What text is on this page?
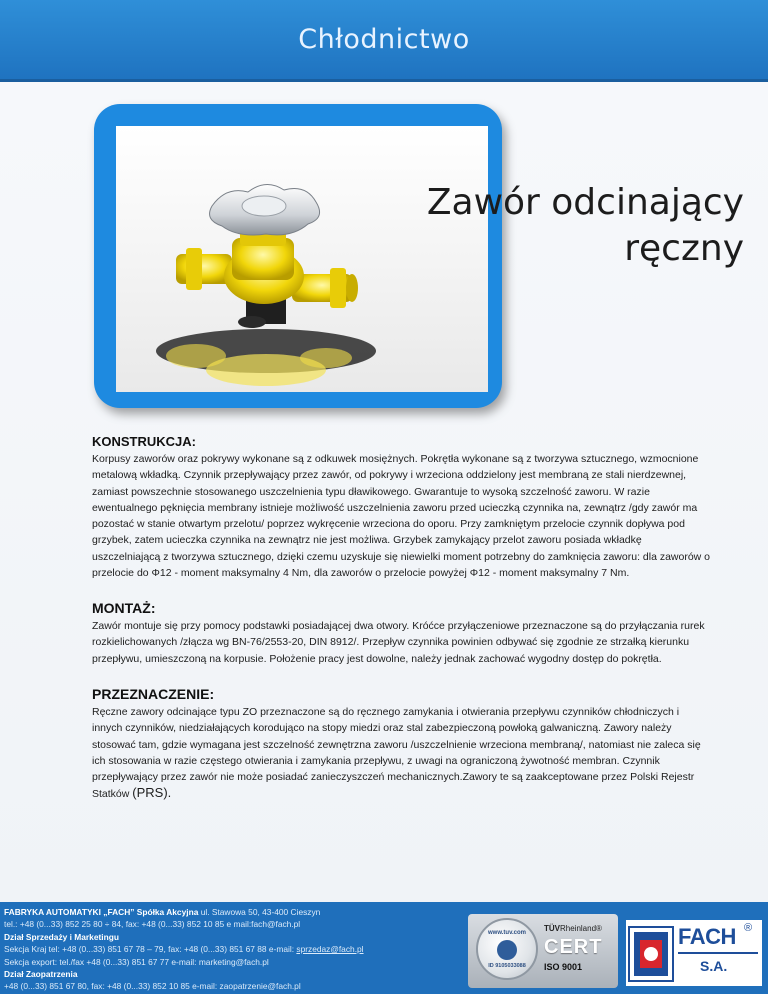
Chłodnictwo
Zawór odcinający
ręczny
KONSTRUKCJA:
Korpusy zaworów oraz pokrywy wykonane są z odkuwek mosiężnych. Pokrętła wykonane są z tworzywa sztucznego, wzmocnione metalową wkładką. Czynnik przepływający przez zawór, od pokrywy i wrzeciona oddzielony jest membraną ze stali nierdzewnej, zamiast powszechnie stosowanego uszczelnienia typu dławikowego. Gwarantuje to wysoką szczelność zaworu. W razie ewentualnego pęknięcia membrany istnieje możliwość uszczelnienia zaworu przed ucieczką czynnika na, zewnątrz /gdy zawór ma pozostać w stanie otwartym przelotu/ poprzez wykręcenie wrzeciona do oporu. Przy zamkniętym przelocie czynnik dopływa pod grzybek, zatem ucieczka czynnika na zewnątrz nie jest możliwa. Grzybek zamykający przelot zaworu posiada wkładkę uszczelniającą z tworzywa sztucznego, dzięki czemu uzyskuje się niewielki moment potrzebny do zamknięcia zaworu: dla zaworów o przelocie do Φ12 - moment maksymalny 4 Nm, dla zaworów o przelocie powyżej Φ12 - moment maksymalny 7 Nm.
MONTAŻ:
Zawór montuje się przy pomocy podstawki posiadającej dwa otwory. Króćce przyłączeniowe przeznaczone są do przyłączania rurek rozkielichowanych /złącza wg BN-76/2553-20, DIN 8912/. Przepływ czynnika powinien odbywać się zgodnie ze strzałką kierunku przepływu, umieszczoną na korpusie. Położenie pracy jest dowolne, należy jednak zachować wygodny dostęp do pokrętła.
PRZEZNACZENIE:
Ręczne zawory odcinające typu ZO przeznaczone są do ręcznego zamykania i otwierania przepływu czynników chłodniczych i innych czynników, niedziałających korodująco na stopy miedzi oraz stal zabezpieczoną powłoką galwaniczną. Zawory należy stosować tam, gdzie wymagana jest szczelność zewnętrzna zaworu /uszczelnienie wrzeciona membraną/, natomiast nie zaleca się ich stosowania w razie częstego otwierania i zamykania przepływu, z uwagi na ograniczoną żywotność membran. Czynnik przepływający przez zawór nie może posiadać zanieczyszczeń mechanicznych.Zawory te są zaakceptowane przez Polski Rejestr Statków (PRS).
FABRYKA AUTOMATYKI „FACH” Spółka Akcyjna ul. Stawowa 50, 43-400 Cieszyn
tel.: +48 (0...33) 852 25 80 ÷ 84, fax: +48 (0...33) 852 10 85 e mail:fach@fach.pl
Dział Sprzedaży i Marketingu
Sekcja Kraj tel: +48 (0...33) 851 67 78 – 79, fax: +48 (0...33) 851 67 88 e-mail: sprzedaz@fach.pl
Sekcja export: tel./fax +48 (0...33) 851 67 77 e-mail: marketing@fach.pl
Dział Zaopatrzenia
+48 (0...33) 851 67 80, fax: +48 (0...33) 852 10 85 e-mail: zaopatrzenie@fach.pl
www.tuv.com
ID 9105033088
TÜVRheinland®
CERT
ISO 9001
FACH ®
S.A.
